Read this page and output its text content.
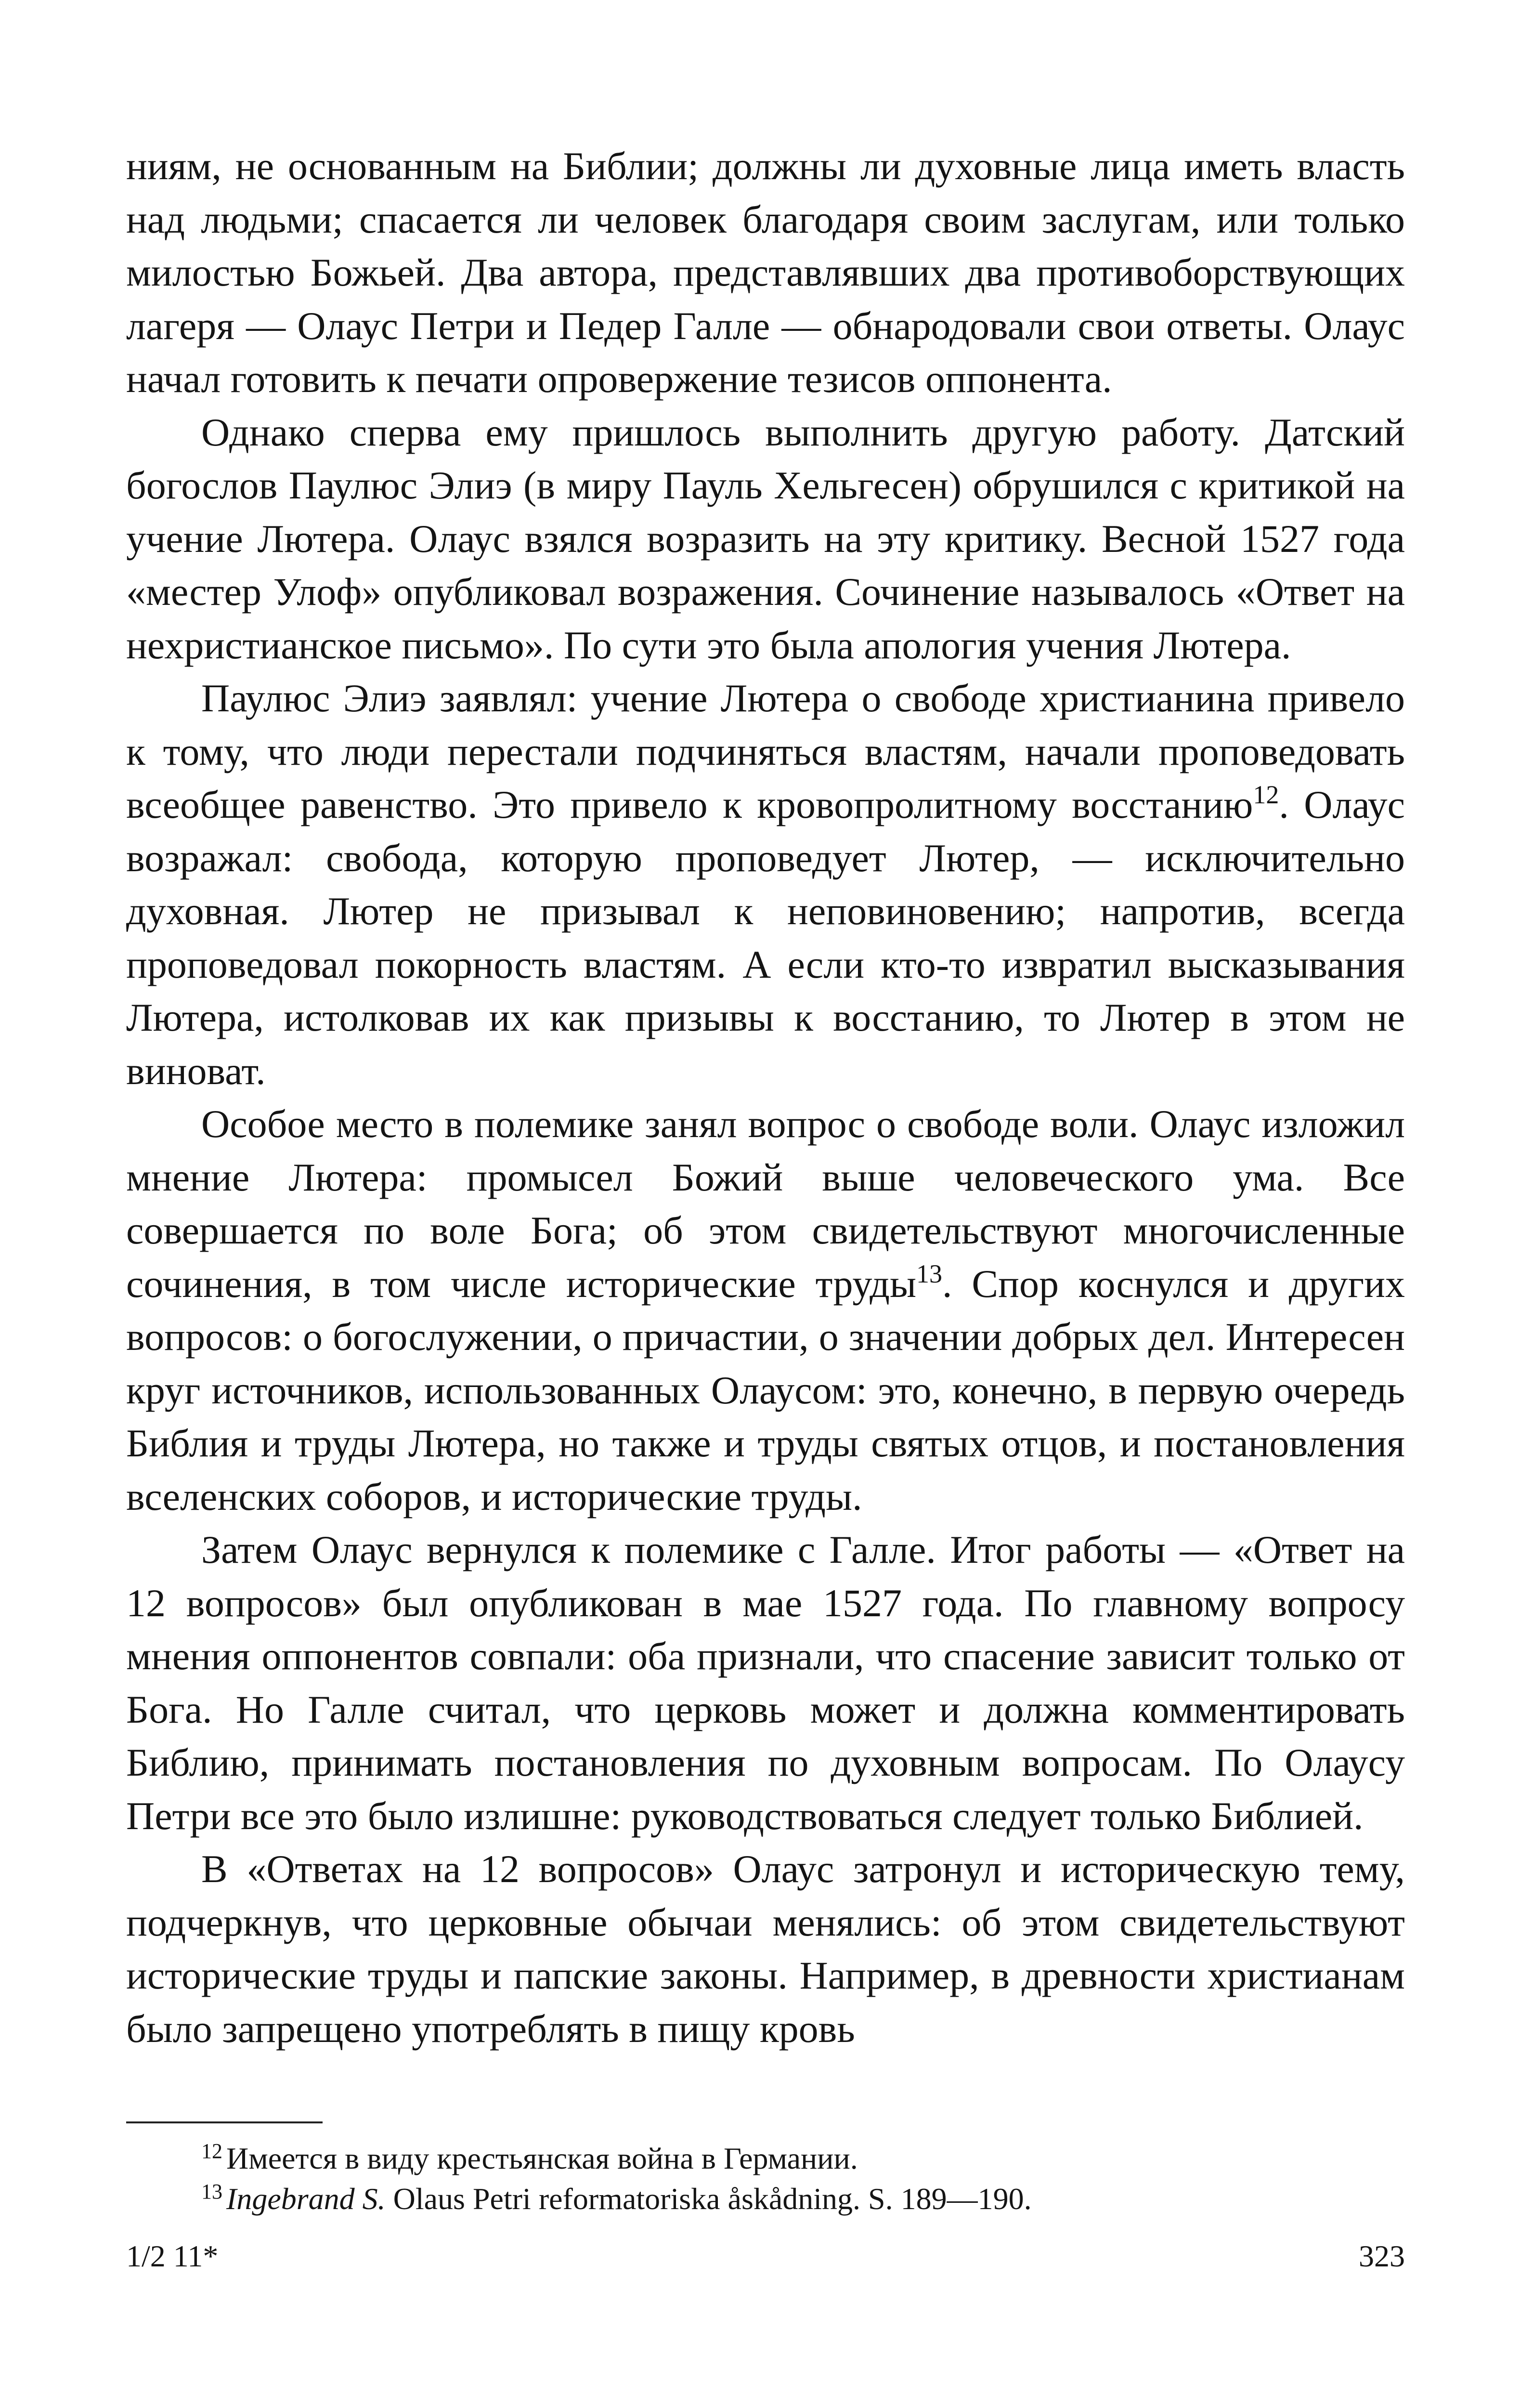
ниям, не основанным на Библии; должны ли духовные лица иметь власть над людьми; спасается ли человек благодаря своим заслугам, или только милостью Божьей. Два автора, представлявших два противоборствующих лагеря — Олаус Петри и Педер Галле — обнародовали свои ответы. Олаус начал готовить к печати опровержение тезисов оппонента.

Однако сперва ему пришлось выполнить другую работу. Датский богослов Паулюс Элиэ (в миру Пауль Хельгесен) обрушился с критикой на учение Лютера. Олаус взялся возразить на эту критику. Весной 1527 года «местер Улоф» опубликовал возражения. Сочинение называлось «Ответ на нехристианское письмо». По сути это была апология учения Лютера.

Паулюс Элиэ заявлял: учение Лютера о свободе христианина привело к тому, что люди перестали подчиняться властям, начали проповедовать всеобщее равенство. Это привело к кровопролитному восстанию$^{12}$. Олаус возражал: свобода, которую проповедует Лютер, — исключительно духовная. Лютер не призывал к неповиновению; напротив, всегда проповедовал покорность властям. А если кто-то извратил высказывания Лютера, истолковав их как призывы к восстанию, то Лютер в этом не виноват.

Особое место в полемике занял вопрос о свободе воли. Олаус изложил мнение Лютера: промысел Божий выше человеческого ума. Все совершается по воле Бога; об этом свидетельствуют многочисленные сочинения, в том числе исторические труды$^{13}$. Спор коснулся и других вопросов: о богослужении, о причастии, о значении добрых дел. Интересен круг источников, использованных Олаусом: это, конечно, в первую очередь Библия и труды Лютера, но также и труды святых отцов, и постановления вселенских соборов, и исторические труды.

Затем Олаус вернулся к полемике с Галле. Итог работы — «Ответ на 12 вопросов» был опубликован в мае 1527 года. По главному вопросу мнения оппонентов совпали: оба признали, что спасение зависит только от Бога. Но Галле считал, что церковь может и должна комментировать Библию, принимать постановления по духовным вопросам. По Олаусу Петри все это было излишне: руководствоваться следует только Библией.

В «Ответах на 12 вопросов» Олаус затронул и историческую тему, подчеркнув, что церковные обычаи менялись: об этом свидетельствуют исторические труды и папские законы. Например, в древности христианам было запрещено употреблять в пищу кровь

$^{12}$ Имеется в виду крестьянская война в Германии.
$^{13}$ Ingebrand S. Olaus Petri reformatoriska åskådning. S. 189—190.
1/2 11*	323
